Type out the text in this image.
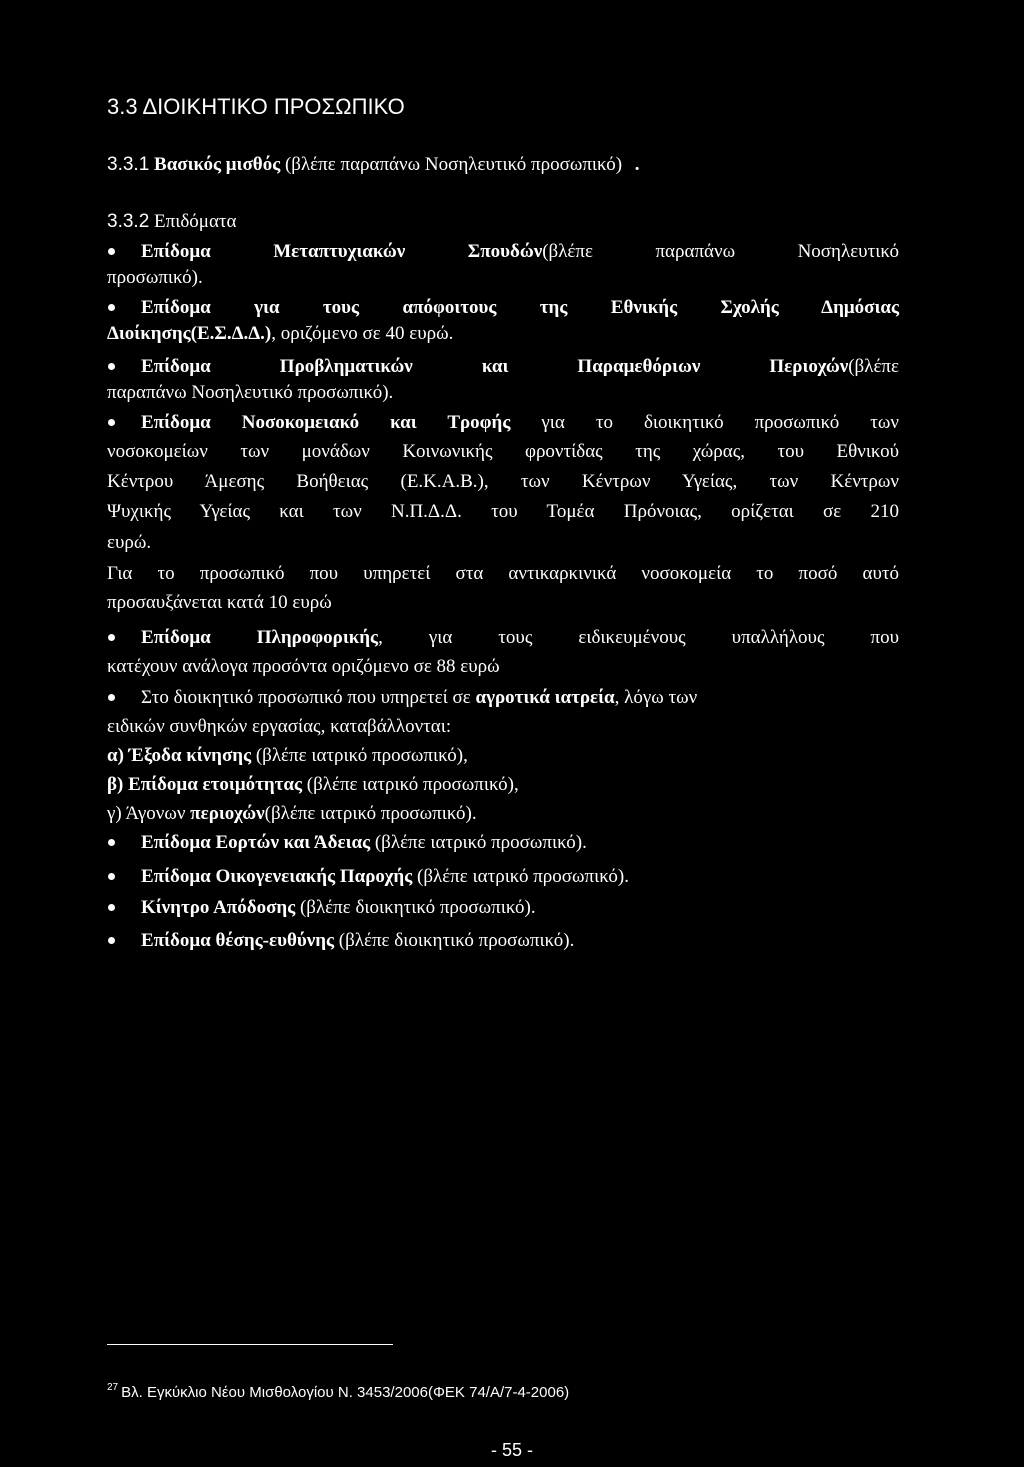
3.3 ΔΙΟΙΚΗΤΙΚΟ ΠΡΟΣΩΠΙΚΟ
3.3.1 Βασικός μισθός (βλέπε παραπάνω Νοσηλευτικό προσωπικό) .
3.3.2 Επιδόματα
Επίδομα Μεταπτυχιακών Σπουδών(βλέπε παραπάνω Νοσηλευτικό
προσωπικό).
Επίδομα για τους απόφοιτους της Εθνικής Σχολής Δημόσιας
Διοίκησης(Ε.Σ.Δ.Δ.), οριζόμενο σε 40 ευρώ.
Επίδομα Προβληματικών και Παραμεθόριων Περιοχών(βλέπε
παραπάνω Νοσηλευτικό προσωπικό).
Επίδομα Νοσοκομειακό και Τροφής για το διοικητικό προσωπικό των
νοσοκομείων των μονάδων Κοινωνικής φροντίδας της χώρας, του Εθνικού
Κέντρου Άμεσης Βοήθειας (Ε.Κ.Α.Β.), των Κέντρων Υγείας, των Κέντρων
Ψυχικής Υγείας και των Ν.Π.Δ.Δ. του Τομέα Πρόνοιας, ορίζεται σε 210
ευρώ.
Για το προσωπικό που υπηρετεί στα αντικαρκινικά νοσοκομεία το ποσό αυτό
προσαυξάνεται κατά 10 ευρώ
Επίδομα Πληροφορικής, για τους ειδικευμένους υπαλλήλους που
κατέχουν ανάλογα προσόντα οριζόμενο σε 88 ευρώ
Στο διοικητικό προσωπικό που υπηρετεί σε αγροτικά ιατρεία, λόγω των
ειδικών συνθηκών εργασίας, καταβάλλονται:
α) Έξοδα κίνησης (βλέπε ιατρικό προσωπικό),
β) Επίδομα ετοιμότητας (βλέπε ιατρικό προσωπικό),
γ) Άγονων περιοχών(βλέπε ιατρικό προσωπικό).
Επίδομα Εορτών και Άδειας (βλέπε ιατρικό προσωπικό).
Επίδομα Οικογενειακής Παροχής (βλέπε ιατρικό προσωπικό).
Κίνητρο Απόδοσης (βλέπε διοικητικό προσωπικό).
Επίδομα θέσης-ευθύνης (βλέπε διοικητικό προσωπικό).
$^{27}$ Βλ. Εγκύκλιο Νέου Μισθολογίου Ν. 3453/2006(ΦΕΚ 74/Α/7-4-2006)
- 55 -
